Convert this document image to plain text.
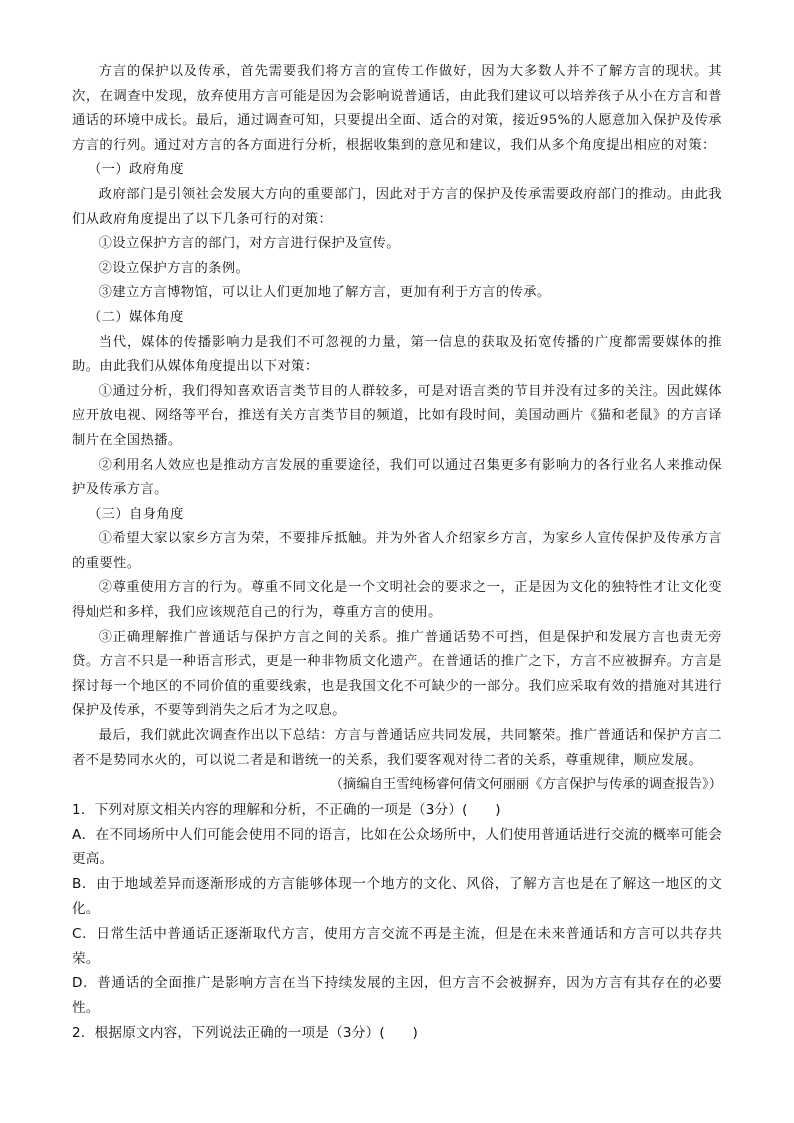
方言的保护以及传承，首先需要我们将方言的宣传工作做好，因为大多数人并不了解方言的现状。其次，在调查中发现，放弃使用方言可能是因为会影响说普通话，由此我们建议可以培养孩子从小在方言和普通话的环境中成长。最后，通过调查可知，只要提出全面、适合的对策，接近95%的人愿意加入保护及传承方言的行列。通过对方言的各方面进行分析，根据收集到的意见和建议，我们从多个角度提出相应的对策：

（一）政府角度

政府部门是引领社会发展大方向的重要部门，因此对于方言的保护及传承需要政府部门的推动。由此我们从政府角度提出了以下几条可行的对策：

①设立保护方言的部门，对方言进行保护及宣传。

②设立保护方言的条例。

③建立方言博物馆，可以让人们更加地了解方言，更加有利于方言的传承。

（二）媒体角度

当代，媒体的传播影响力是我们不可忽视的力量，第一信息的获取及拓宽传播的广度都需要媒体的推助。由此我们从媒体角度提出以下对策：

①通过分析，我们得知喜欢语言类节目的人群较多，可是对语言类的节目并没有过多的关注。因此媒体应开放电视、网络等平台，推送有关方言类节目的频道，比如有段时间，美国动画片《猫和老鼠》的方言译制片在全国热播。

②利用名人效应也是推动方言发展的重要途径，我们可以通过召集更多有影响力的各行业名人来推动保护及传承方言。

（三）自身角度

①希望大家以家乡方言为荣，不要排斥抵触。并为外省人介绍家乡方言，为家乡人宣传保护及传承方言的重要性。

②尊重使用方言的行为。尊重不同文化是一个文明社会的要求之一，正是因为文化的独特性才让文化变得灿烂和多样，我们应该规范自己的行为，尊重方言的使用。

③正确理解推广普通话与保护方言之间的关系。推广普通话势不可挡，但是保护和发展方言也责无旁贷。方言不只是一种语言形式，更是一种非物质文化遗产。在普通话的推广之下，方言不应被摒弃。方言是探讨每一个地区的不同价值的重要线索，也是我国文化不可缺少的一部分。我们应采取有效的措施对其进行保护及传承，不要等到消失之后才为之叹息。

最后，我们就此次调查作出以下总结：方言与普通话应共同发展，共同繁荣。推广普通话和保护方言二者不是势同水火的，可以说二者是和谐统一的关系，我们要客观对待二者的关系，尊重规律，顺应发展。

（摘编自王雪纯杨睿何倩文何丽丽《方言保护与传承的调查报告》）

1．下列对原文相关内容的理解和分析，不正确的一项是（3分）(　　)

A．在不同场所中人们可能会使用不同的语言，比如在公众场所中，人们使用普通话进行交流的概率可能会更高。

B．由于地域差异而逐渐形成的方言能够体现一个地方的文化、风俗，了解方言也是在了解这一地区的文化。

C．日常生活中普通话正逐渐取代方言，使用方言交流不再是主流，但是在未来普通话和方言可以共存共荣。

D．普通话的全面推广是影响方言在当下持续发展的主因，但方言不会被摒弃，因为方言有其存在的必要性。

2．根据原文内容，下列说法正确的一项是（3分）(　　)
